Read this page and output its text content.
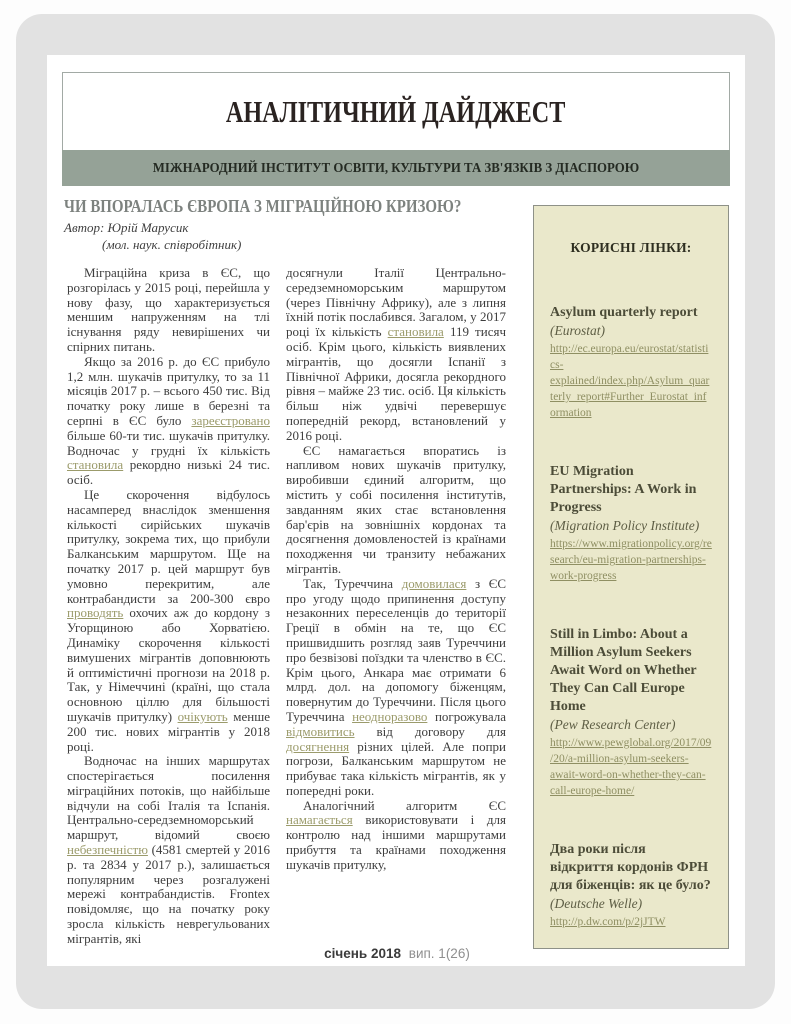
АНАЛІТИЧНИЙ ДАЙДЖЕСТ
МІЖНАРОДНИЙ ІНСТИТУТ ОСВІТИ, КУЛЬТУРИ ТА ЗВ'ЯЗКІВ З ДІАСПОРОЮ
ЧИ ВПОРАЛАСЬ ЄВРОПА З МІГРАЦІЙНОЮ КРИЗОЮ?
Автор: Юрій Марусик
(мол. наук. співробітник)

Міграційна криза в ЄС, що розгорілась у 2015 році, перейшла у нову фазу, що характеризується меншим напруженням на тлі існування ряду невирішених чи спірних питань.

Якщо за 2016 р. до ЄС прибуло 1,2 млн. шукачів притулку, то за 11 місяців 2017 р. – всього 450 тис. Від початку року лише в березні та серпні в ЄС було зареєстровано більше 60-ти тис. шукачів притулку. Водночас у грудні їх кількість становила рекордно низькі 24 тис. осіб.

Це скорочення відбулось насамперед внаслідок зменшення кількості сирійських шукачів притулку, зокрема тих, що прибули Балканським маршрутом. Ще на початку 2017 р. цей маршрут був умовно перекритим, але контрабандисти за 200-300 євро проводять охочих аж до кордону з Угорщиною або Хорватією. Динаміку скорочення кількості вимушених мігрантів доповнюють й оптимістичні прогнози на 2018 р. Так, у Німеччині (країні, що стала основною ціллю для більшості шукачів притулку) очікують менше 200 тис. нових мігрантів у 2018 році.

Водночас на інших маршрутах спостерігається посилення міграційних потоків, що найбільше відчули на собі Італія та Іспанія. Центрально-середземноморський маршрут, відомий своєю небезпечністю (4581 смертей у 2016 р. та 2834 у 2017 р.), залишається популярним через розгалужені мережі контрабандистів. Frontex повідомляє, що на початку року зросла кількість неврегульованих мігрантів, які

досягнули Італії Центрально-середземноморським маршрутом (через Північну Африку), але з липня їхній потік послабився. Загалом, у 2017 році їх кількість становила 119 тисяч осіб. Крім цього, кількість виявлених мігрантів, що досягли Іспанії з Північної Африки, досягла рекордного рівня – майже 23 тис. осіб. Ця кількість більш ніж удвічі перевершує попередній рекорд, встановлений у 2016 році.

ЄС намагається впоратись із напливом нових шукачів притулку, виробивши єдиний алгоритм, що містить у собі посилення інститутів, завданням яких стає встановлення бар'єрів на зовнішніх кордонах та досягнення домовленостей із країнами походження чи транзиту небажаних мігрантів.

Так, Туреччина домовилася з ЄС про угоду щодо припинення доступу незаконних переселенців до території Греції в обмін на те, що ЄС пришвидшить розгляд заяв Туреччини про безвізові поїздки та членство в ЄС. Крім цього, Анкара має отримати 6 млрд. дол. на допомогу біженцям, повернутим до Туреччини. Після цього Туреччина неодноразово погрожувала відмовитись від договору для досягнення різних цілей. Але попри погрози, Балканським маршрутом не прибуває така кількість мігрантів, як у попередні роки.

Аналогічний алгоритм ЄС намагається використовувати і для контролю над іншими маршрутами прибуття та країнами походження шукачів притулку,

КОРИСНІ ЛІНКИ:
Asylum quarterly report
(Eurostat)
http://ec.europa.eu/eurostat/statistics-explained/index.php/Asylum_quarterly_report#Further_Eurostat_information
EU Migration Partnerships: A Work in Progress
(Migration Policy Institute)
https://www.migrationpolicy.org/research/eu-migration-partnerships-work-progress
Still in Limbo: About a Million Asylum Seekers Await Word on Whether They Can Call Europe Home
(Pew Research Center)
http://www.pewglobal.org/2017/09/20/a-million-asylum-seekers-await-word-on-whether-they-can-call-europe-home/
Два роки після відкриття кордонів ФРН для біженців: як це було?
(Deutsche Welle)
http://p.dw.com/p/2jJTW
січень 2018 вип. 1(26)
